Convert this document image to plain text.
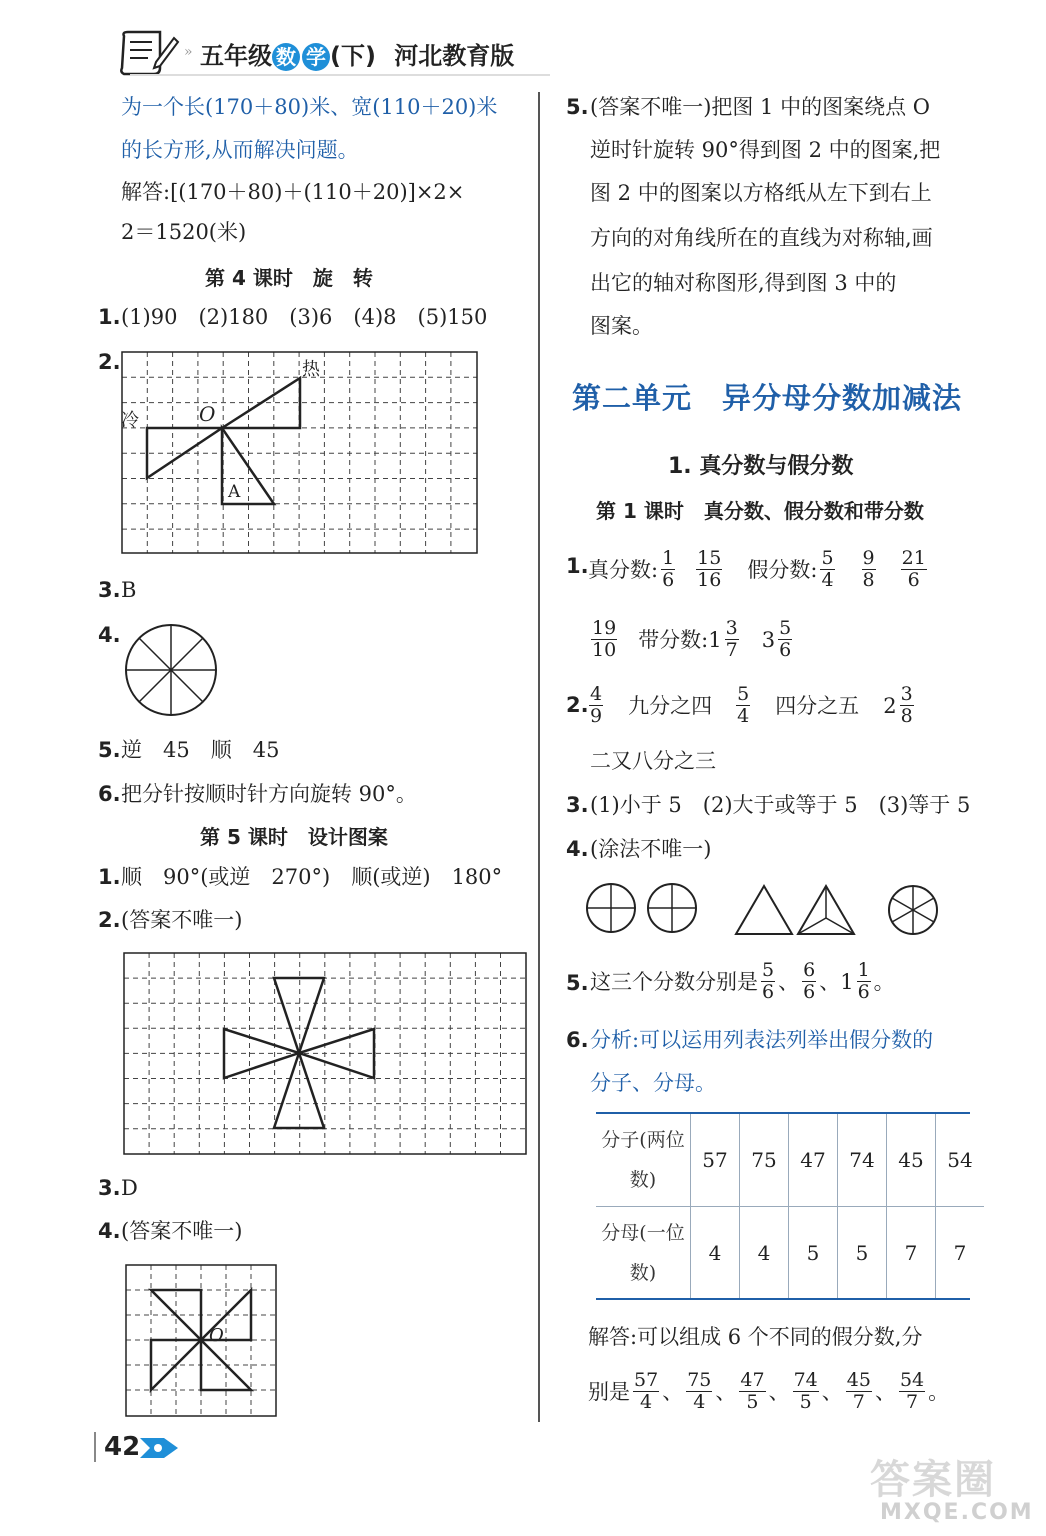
» 五年级 数 学 (下) 河北教育版
为一个长(170＋80)米、宽(110＋20)米
的长方形,从而解决问题。
解答:[(170＋80)＋(110＋20)]×2×
2＝1520(米)
第 4 课时　旋　转
1. (1)90　(2)180　(3)6　(4)8　(5)150
2.	热
冷	O
A
3. B
4.
5. 逆　45　顺　45
6. 把分针按顺时针方向旋转 90°。
第 5 课时　设计图案
1. 顺　90°(或逆　270°)　顺(或逆)　180°
2. (答案不唯一)
3. D
4. (答案不唯一)
O
5. (答案不唯一)把图 1 中的图案绕点 O
逆时针旋转 90°得到图 2 中的图案,把
图 2 中的图案以方格纸从左下到右上
方向的对角线所在的直线为对称轴,画
出它的轴对称图形,得到图 3 中的
图案。
第二单元　异分母分数加减法
1. 真分数与假分数
第 1 课时　真分数、假分数和带分数
1. 真分数: $\frac{1}{6} \frac{15}{16}$ 假分数: $\frac{5}{4} \frac{9}{8} \frac{21}{6}$
$\frac{19}{10}$ 带分数: $1 \frac{3}{7} 3 \frac{5}{6}$
2. $\frac{4}{9}$ 九分之四 $\frac{5}{4}$ 四分之五 $2 \frac{3}{8}$
二又八分之三
3. (1)小于 5　(2)大于或等于 5　(3)等于 5
4. (涂法不唯一)
5. 这三个分数分别是 $\frac{5}{6}$ 、 $\frac{6}{6}$ 、 $1 \frac{1}{6}$ 。
6. 分析:可以运用列表法列举出假分数的
分子、分母。
分子(两位数)	57	75	47	74	45	54
分母(一位数)	4	4	5	5	7	7
解答:可以组成 6 个不同的假分数,分
别是 $\frac{57}{4}$ 、 $\frac{75}{4}$ 、 $\frac{47}{5}$ 、 $\frac{74}{5}$ 、 $\frac{45}{7}$ 、 $\frac{54}{7}$ 。
42
答案圈
MXQE.COM
